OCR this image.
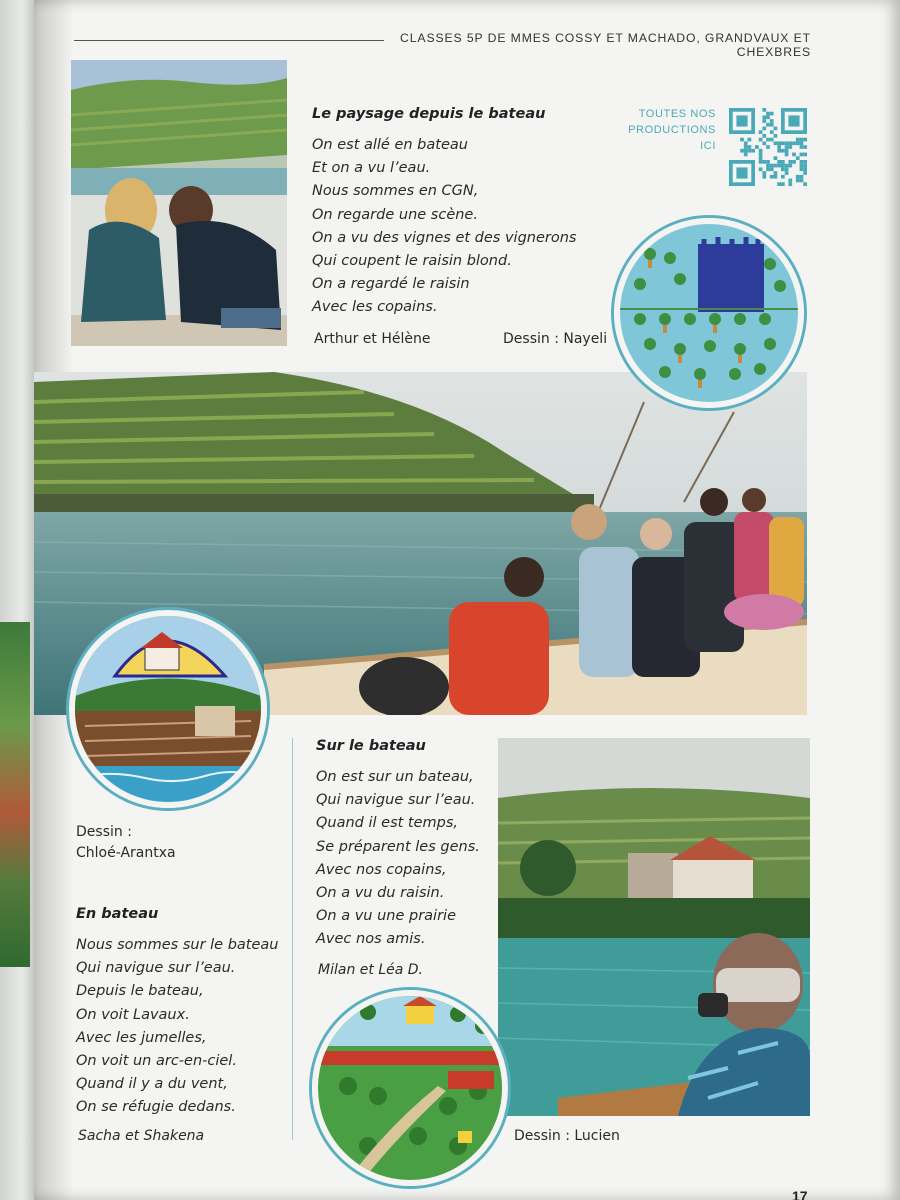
CLASSES 5P DE MMES COSSY ET MACHADO, GRANDVAUX ET CHEXBRES
Le paysage depuis le bateau
On est allé en bateau
Et on a vu l’eau.
Nous sommes en CGN,
On regarde une scène.
On a vu des vignes et des vignerons
Qui coupent le raisin blond.
On a regardé le raisin
Avec les copains.
Arthur et Hélène	Dessin : Nayeli
TOUTES NOS
PRODUCTIONS
ICI
Dessin :
Chloé-Arantxa
En bateau
Nous sommes sur le bateau
Qui navigue sur l’eau.
Depuis le bateau,
On voit Lavaux.
Avec les jumelles,
On voit un arc-en-ciel.
Quand il y a du vent,
On se réfugie dedans.
Sacha et Shakena
Sur le bateau
On est sur un bateau,
Qui navigue sur l’eau.
Quand il est temps,
Se préparent les gens.
Avec nos copains,
On a vu du raisin.
On a vu une prairie
Avec nos amis.
Milan et Léa D.
Dessin : Lucien
17
